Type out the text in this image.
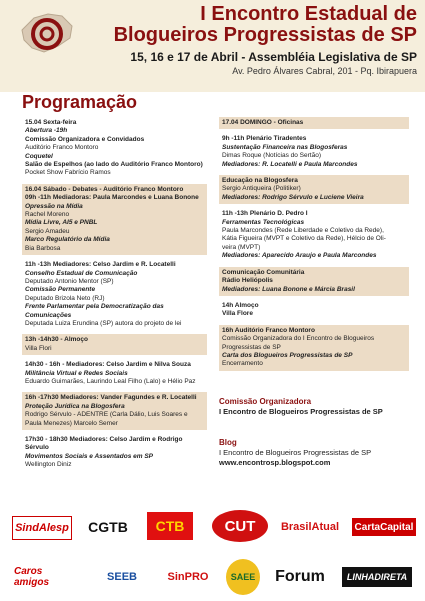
I Encontro Estadual de
Blogueiros Progressistas de SP
15, 16 e 17 de Abril - Assembléia Legislativa de SP
Av. Pedro Álvares Cabral, 201 - Pq. Ibirapuera
Programação
15.04 Sexta-feira
Abertura -19h
Comissão Organizadora e Convidados
Auditório Franco Montoro
Coquetel
Salão de Espelhos (ao lado do Auditório Franco Montoro)
Pocket Show Fabrício Ramos
16.04 Sábado - Debates - Auditório Franco Montoro
09h -11h Mediadoras: Paula Marcondes e Luana Bonone
Opressão na Mídia
Rachel Moreno
Mídia Livre, AI5 e PNBL
Sergio Amadeu
Marco Regulatório da Mídia
Bia Barbosa
11h -13h Mediadores: Celso Jardim e R. Locatelli
Conselho Estadual de Comunicação
Deputado Antonio Mentor (SP)
Comissão Permanente
Deputado Brizola Neto (RJ)
Frente Parlamentar pela Democratização das
Comunicações
Deputada Luiza Erundina (SP) autora do projeto de lei
13h -14h30 - Almoço
Villa Flori
14h30 - 16h - Mediadores: Celso Jardim e Nilva Souza
Militância Virtual e Redes Sociais
Eduardo Guimarães, Laurindo Leal Filho (Lalo) e Hélio Paz
16h -17h30 Mediadores: Vander Fagundes e R. Locatelli
Proteção Jurídica na Blogosfera
Rodrigo Sérvulo - ADENTRE (Carla Dálio, Luis Soares e
Paula Menezes) Marcelo Semer
17h30 - 18h30 Mediadores: Celso Jardim e Rodrigo Sérvulo
Movimentos Sociais e Assentados em SP
Wellington Diniz
17.04 DOMINGO - Oficinas
9h -11h Plenário Tiradentes
Sustentação Financeira nas Blogosferas
Dimas Roque (Notícias do Sertão)
Mediadores: R. Locatelli e Paula Marcondes
Educação na Blogosfera
Sergio Antiqueira (Politiker)
Mediadores: Rodrigo Sérvulo e Luciene Vieira
11h -13h Plenário D. Pedro I
Ferramentas Tecnológicas
Paula Marcondes (Rede Liberdade e Coletivo da Rede),
Kátia Figueira (MVPT e Coletivo da Rede), Hélcio de Oli-
veira (MVPT)
Mediadores: Aparecido Araujo e Paula Marcondes
Comunicação Comunitária
Rádio Heliópolis
Mediadores: Luana Bonone e Márcia Brasil
14h Almoço
Villa Flore
16h Auditório Franco Montoro
Comissão Organizadora do I Encontro de Blogueiros
Progressistas de SP
Carta dos Blogueiros Progressistas de SP
Encerramento
Comissão Organizadora
I Encontro de Blogueiros Progressistas de SP
Blog
I Encontro de Blogueiros Progressistas de SP
www.encontrosp.blogspot.com
SindAlesp CGTB	CTB	CUT	BrasilAtual	CartaCapital
Caros amigos	SEEB	SinPRO	SAEE Forum	LINHADIRETA
